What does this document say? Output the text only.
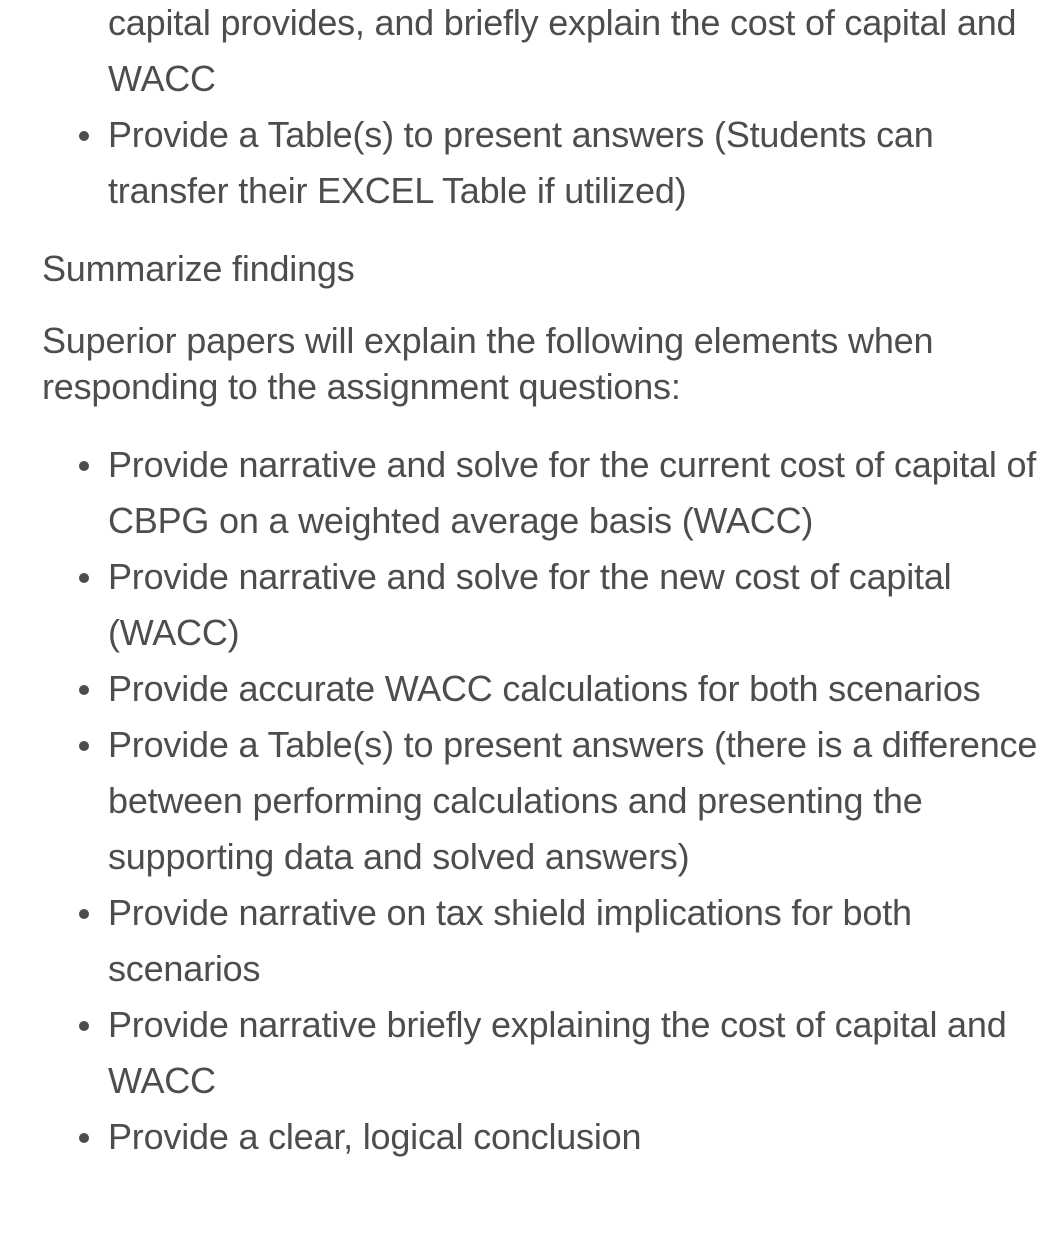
capital provides, and briefly explain the cost of capital and WACC
Provide a Table(s) to present answers (Students can transfer their EXCEL Table if utilized)

Summarize findings

Superior papers will explain the following elements when responding to the assignment questions:

Provide narrative and solve for the current cost of capital of CBPG on a weighted average basis (WACC)
Provide narrative and solve for the new cost of capital (WACC)
Provide accurate WACC calculations for both scenarios
Provide a Table(s) to present answers (there is a difference between performing calculations and presenting the supporting data and solved answers)
Provide narrative on tax shield implications for both scenarios
Provide narrative briefly explaining the cost of capital and WACC
Provide a clear, logical conclusion
